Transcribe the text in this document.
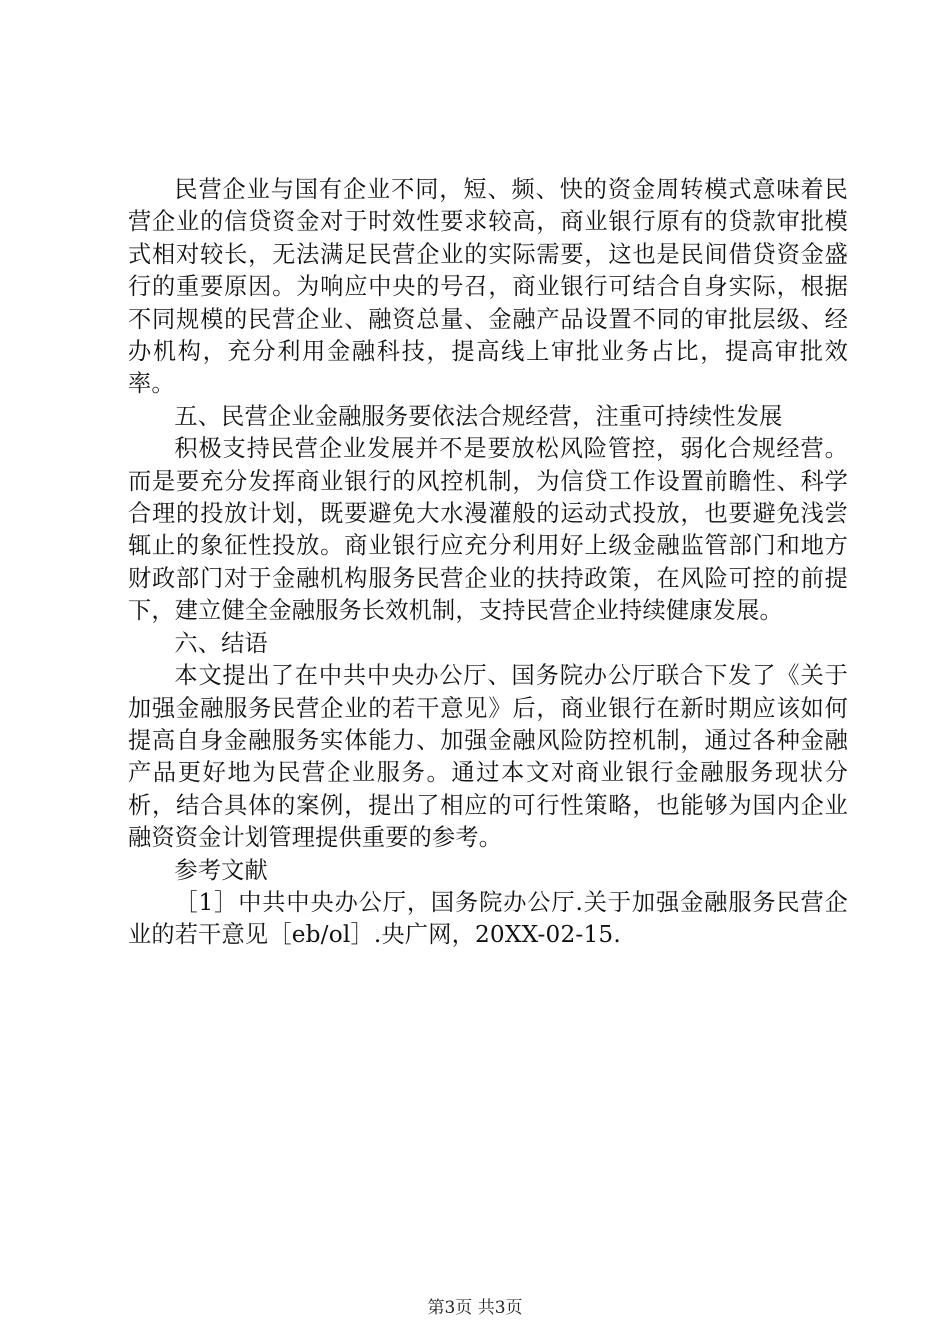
民营企业与国有企业不同，短、频、快的资金周转模式意味着民营企业的信贷资金对于时效性要求较高，商业银行原有的贷款审批模式相对较长，无法满足民营企业的实际需要，这也是民间借贷资金盛行的重要原因。为响应中央的号召，商业银行可结合自身实际，根据不同规模的民营企业、融资总量、金融产品设置不同的审批层级、经办机构，充分利用金融科技，提高线上审批业务占比，提高审批效率。

五、民营企业金融服务要依法合规经营，注重可持续性发展

积极支持民营企业发展并不是要放松风险管控，弱化合规经营。而是要充分发挥商业银行的风控机制，为信贷工作设置前瞻性、科学合理的投放计划，既要避免大水漫灌般的运动式投放，也要避免浅尝辄止的象征性投放。商业银行应充分利用好上级金融监管部门和地方财政部门对于金融机构服务民营企业的扶持政策，在风险可控的前提下，建立健全金融服务长效机制，支持民营企业持续健康发展。

六、结语

本文提出了在中共中央办公厅、国务院办公厅联合下发了《关于加强金融服务民营企业的若干意见》后，商业银行在新时期应该如何提高自身金融服务实体能力、加强金融风险防控机制，通过各种金融产品更好地为民营企业服务。通过本文对商业银行金融服务现状分析，结合具体的案例，提出了相应的可行性策略，也能够为国内企业融资资金计划管理提供重要的参考。

参考文献

［1］中共中央办公厅，国务院办公厅.关于加强金融服务民营企业的若干意见［eb/ol］.央广网，20XX-02-15.

第3页 共3页
